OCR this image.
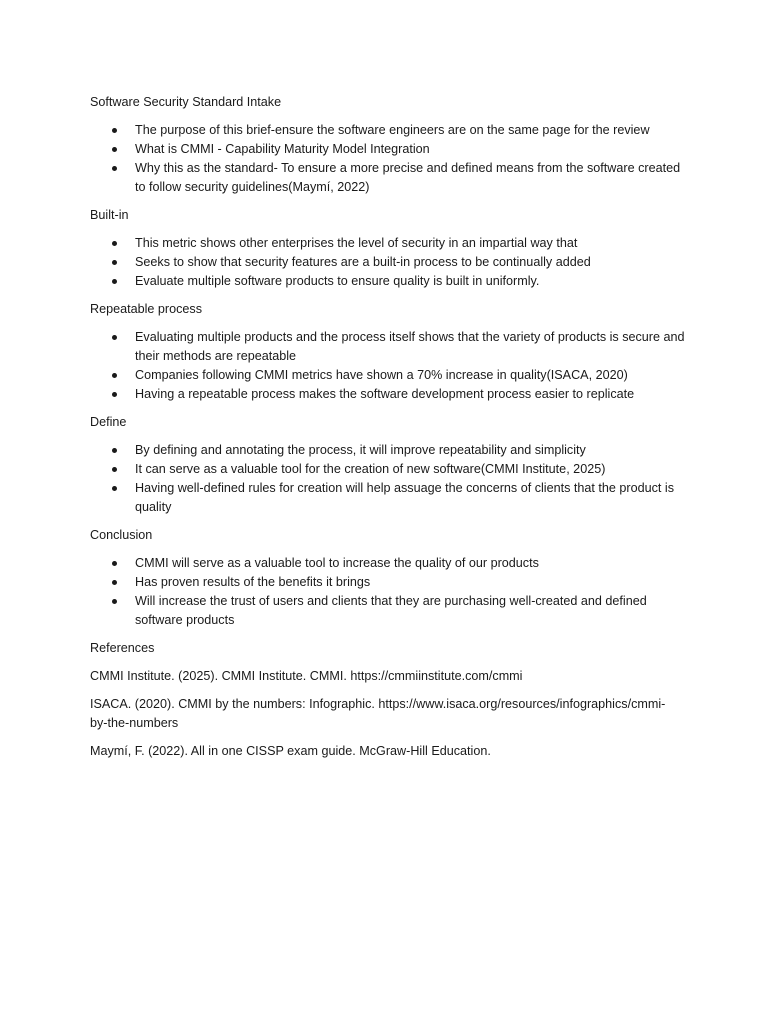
Software Security Standard Intake
The purpose of this brief-ensure the software engineers are on the same page for the review
What is CMMI - Capability Maturity Model Integration
Why this as the standard- To ensure a more precise and defined means from the software created to follow security guidelines(Maymí, 2022)
Built-in
This metric shows other enterprises the level of security in an impartial way that
Seeks to show that security features are a built-in process to be continually added
Evaluate multiple software products to ensure quality is built in uniformly.
Repeatable process
Evaluating multiple products and the process itself shows that the variety of products is secure and their methods are repeatable
Companies following CMMI metrics have shown a 70% increase in quality(ISACA, 2020)
Having a repeatable process makes the software development process easier to replicate
Define
By defining and annotating the process, it will improve repeatability and simplicity
It can serve as a valuable tool for the creation of new software(CMMI Institute, 2025)
Having well-defined rules for creation will help assuage the concerns of clients that the product is quality
Conclusion
CMMI will serve as a valuable tool to increase the quality of our products
Has proven results of the benefits it brings
Will increase the trust of users and clients that they are purchasing well-created and defined software products
References
CMMI Institute. (2025). CMMI Institute. CMMI. https://cmmiinstitute.com/cmmi
ISACA. (2020). CMMI by the numbers: Infographic. https://www.isaca.org/resources/infographics/cmmi-by-the-numbers
Maymí, F. (2022). All in one CISSP exam guide. McGraw-Hill Education.
